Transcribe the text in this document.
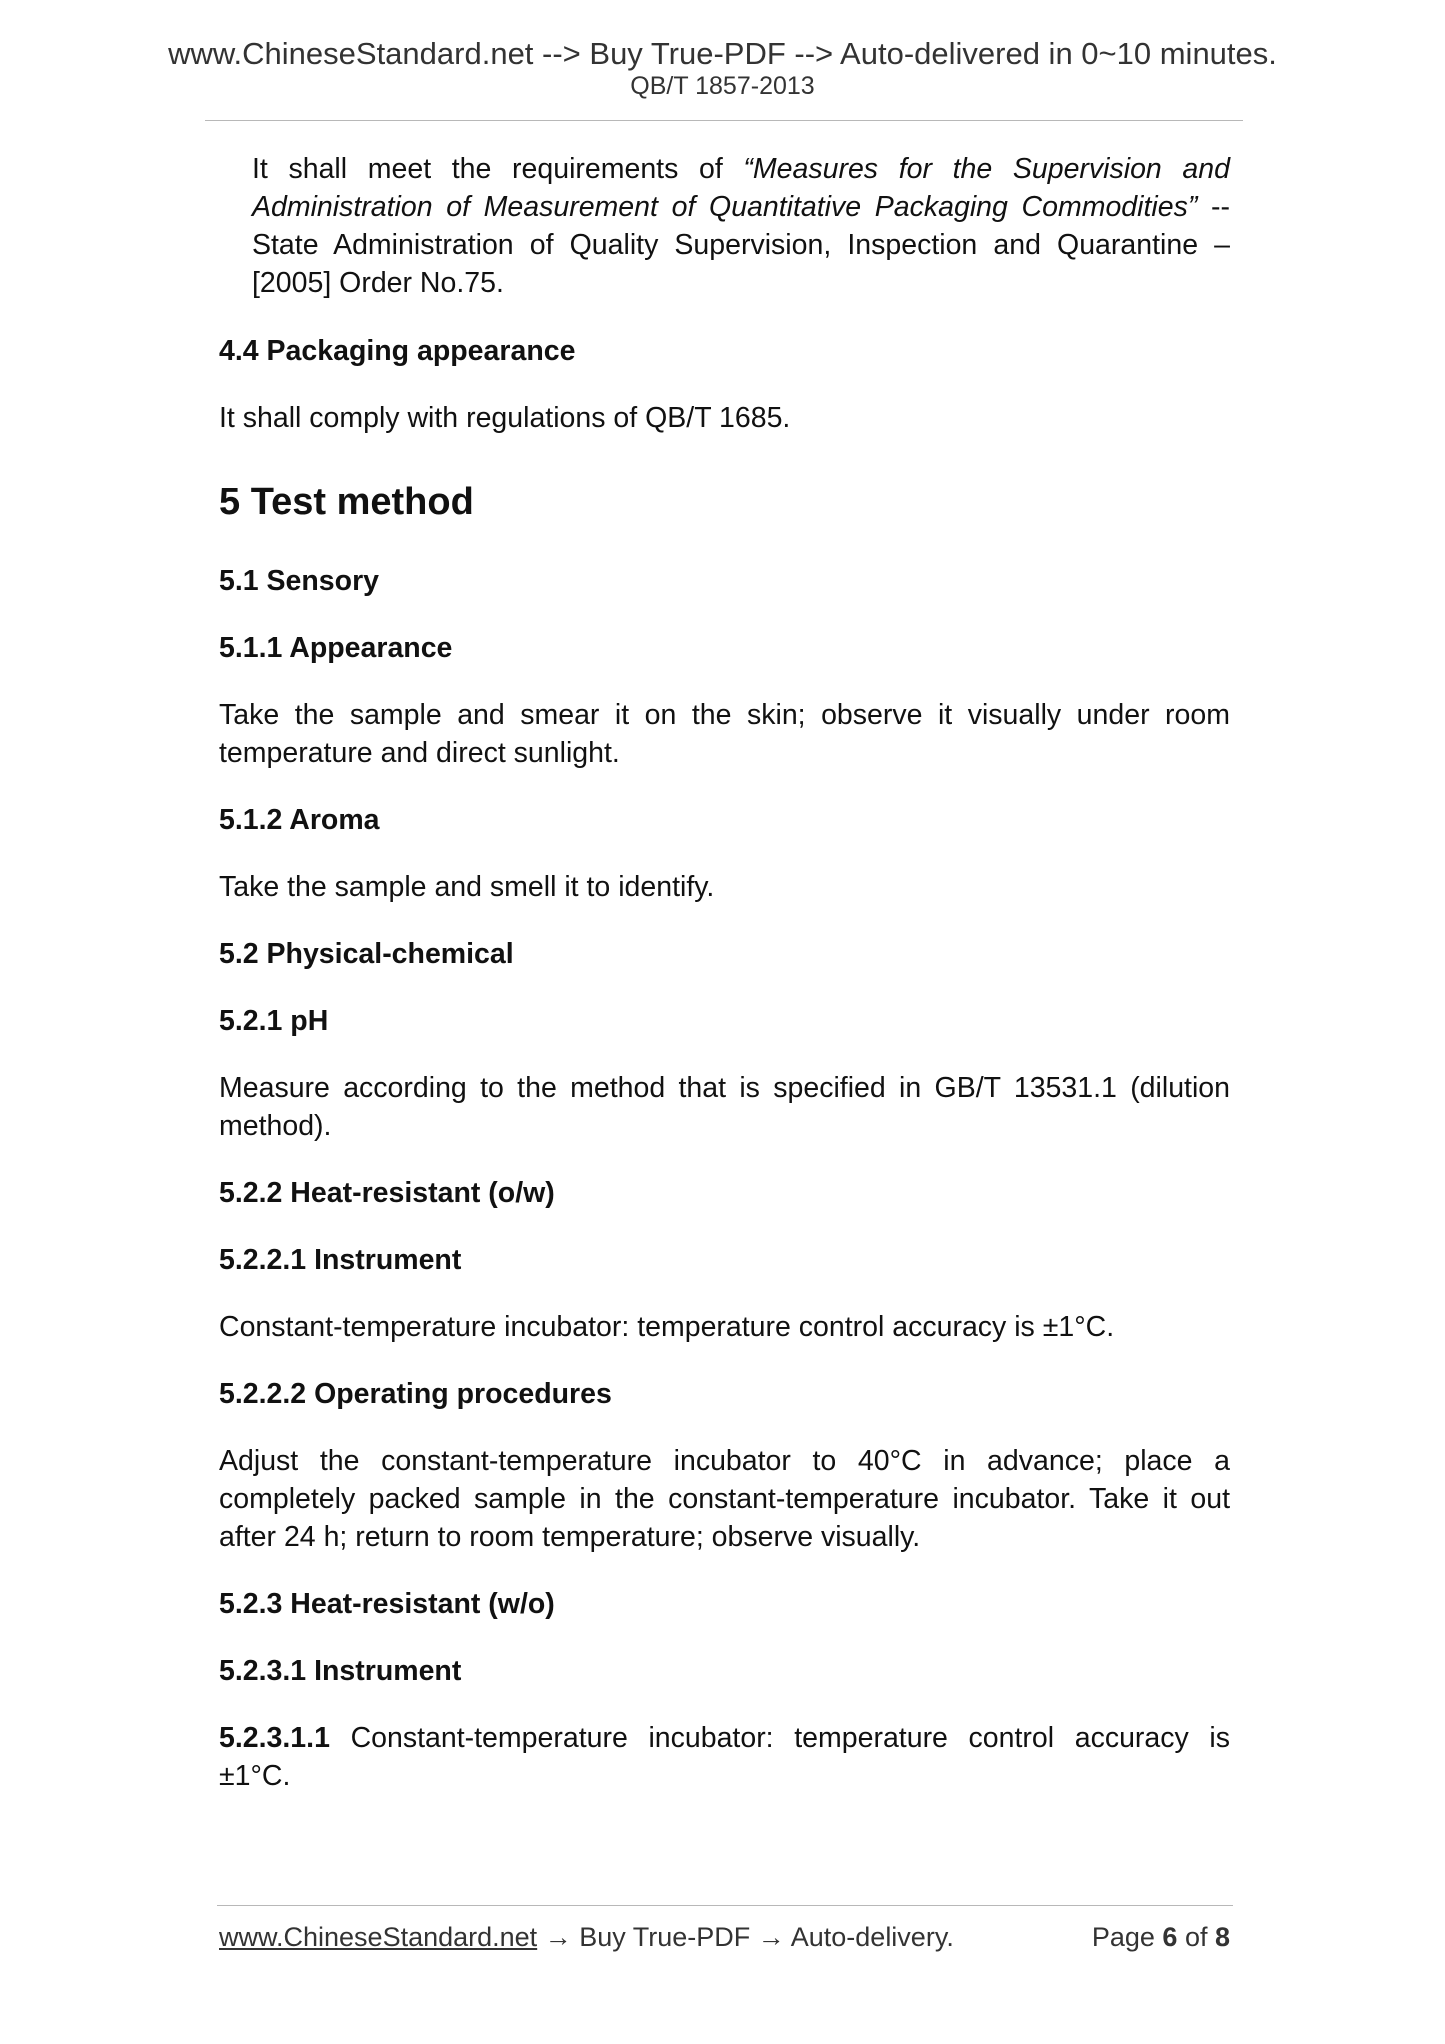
www.ChineseStandard.net --> Buy True-PDF --> Auto-delivered in 0~10 minutes.
QB/T 1857-2013

It shall meet the requirements of “Measures for the Supervision and Administration of Measurement of Quantitative Packaging Commodities” -- State Administration of Quality Supervision, Inspection and Quarantine – [2005] Order No.75.

4.4 Packaging appearance

It shall comply with regulations of QB/T 1685.

5 Test method

5.1 Sensory

5.1.1 Appearance

Take the sample and smear it on the skin; observe it visually under room temperature and direct sunlight.

5.1.2 Aroma

Take the sample and smell it to identify.

5.2 Physical-chemical

5.2.1 pH

Measure according to the method that is specified in GB/T 13531.1 (dilution method).

5.2.2 Heat-resistant (o/w)

5.2.2.1 Instrument

Constant-temperature incubator: temperature control accuracy is ±1°C.

5.2.2.2 Operating procedures

Adjust the constant-temperature incubator to 40°C in advance; place a completely packed sample in the constant-temperature incubator. Take it out after 24 h; return to room temperature; observe visually.

5.2.3 Heat-resistant (w/o)

5.2.3.1 Instrument

5.2.3.1.1 Constant-temperature incubator: temperature control accuracy is ±1°C.

www.ChineseStandard.net → Buy True-PDF → Auto-delivery.	Page 6 of 8
